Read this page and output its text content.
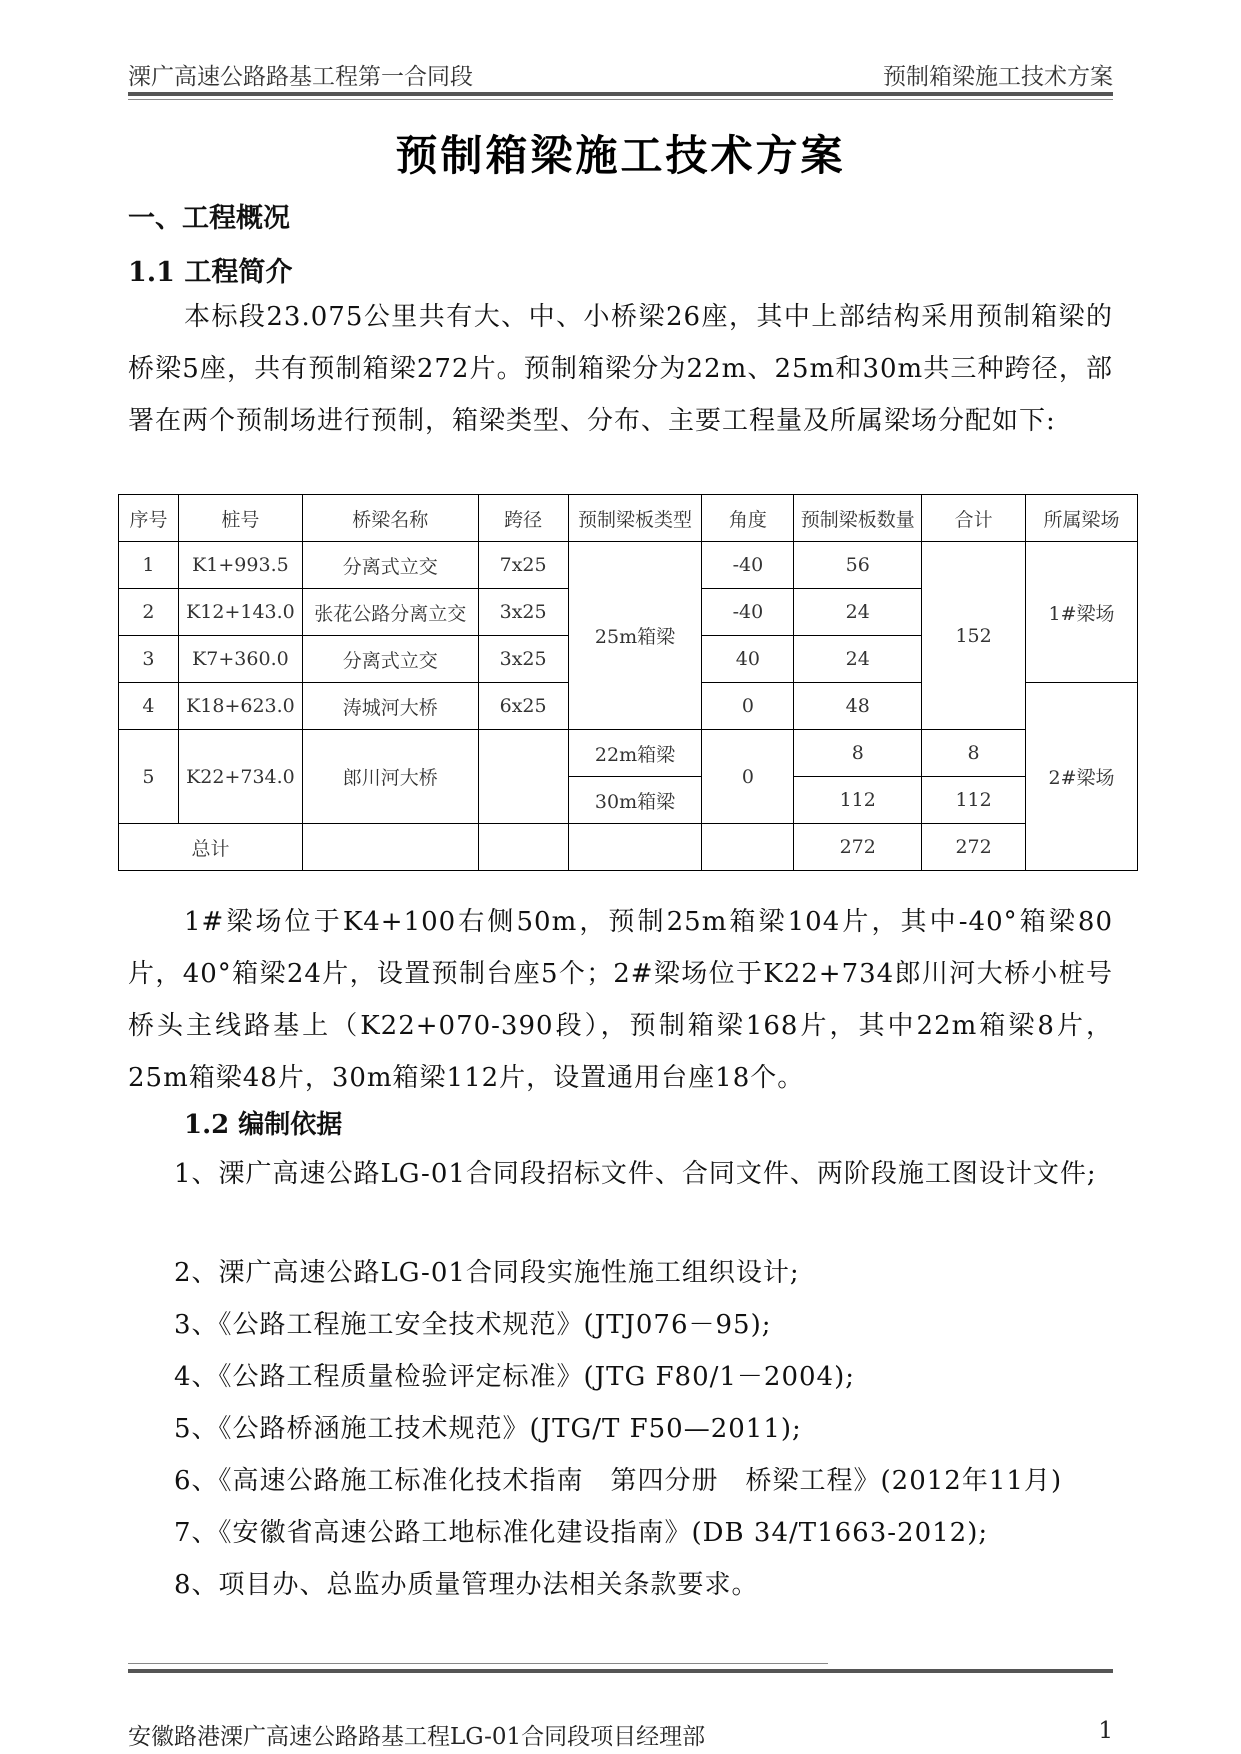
溧广高速公路路基工程第一合同段	预制箱梁施工技术方案
预制箱梁施工技术方案
一、工程概况
1.1 工程简介

本标段23.075公里共有大、中、小桥梁26座，其中上部结构采用预制箱梁的桥梁5座，共有预制箱梁272片。预制箱梁分为22m、25m和30m共三种跨径，部署在两个预制场进行预制，箱梁类型、分布、主要工程量及所属梁场分配如下:

序号	桩号	桥梁名称	跨径	预制梁板类型	角度	预制梁板数量	合计	所属梁场
1	K1+993.5	分离式立交	7x25	25m箱梁	-40	56	152	1#梁场
2	K12+143.0	张花公路分离立交	3x25		-40	24		
3	K7+360.0	分离式立交	3x25		40	24		
4	K18+623.0	涛城河大桥	6x25		0	48		2#梁场
5	K22+734.0	郎川河大桥		22m箱梁	0	8	8	
				30m箱梁		112	112	
总计						272	272	

1#梁场位于K4+100右侧50m，预制25m箱梁104片，其中-40°箱梁80片，40°箱梁24片，设置预制台座5个；2#梁场位于K22+734郎川河大桥小桩号桥头主线路基上（K22+070-390段），预制箱梁168片，其中22m箱梁8片，25m箱梁48片，30m箱梁112片，设置通用台座18个。

1.2 编制依据

1、溧广高速公路LG-01合同段招标文件、合同文件、两阶段施工图设计文件;

2、溧广高速公路LG-01合同段实施性施工组织设计;

3、《公路工程施工安全技术规范》(JTJ076－95);

4、《公路工程质量检验评定标准》(JTG F80/1－2004);

5、《公路桥涵施工技术规范》(JTG/T F50—2011);

6、《高速公路施工标准化技术指南　第四分册　桥梁工程》(2012年11月)

7、《安徽省高速公路工地标准化建设指南》(DB 34/T1663-2012);

8、项目办、总监办质量管理办法相关条款要求。

安徽路港溧广高速公路路基工程LG-01合同段项目经理部	1
